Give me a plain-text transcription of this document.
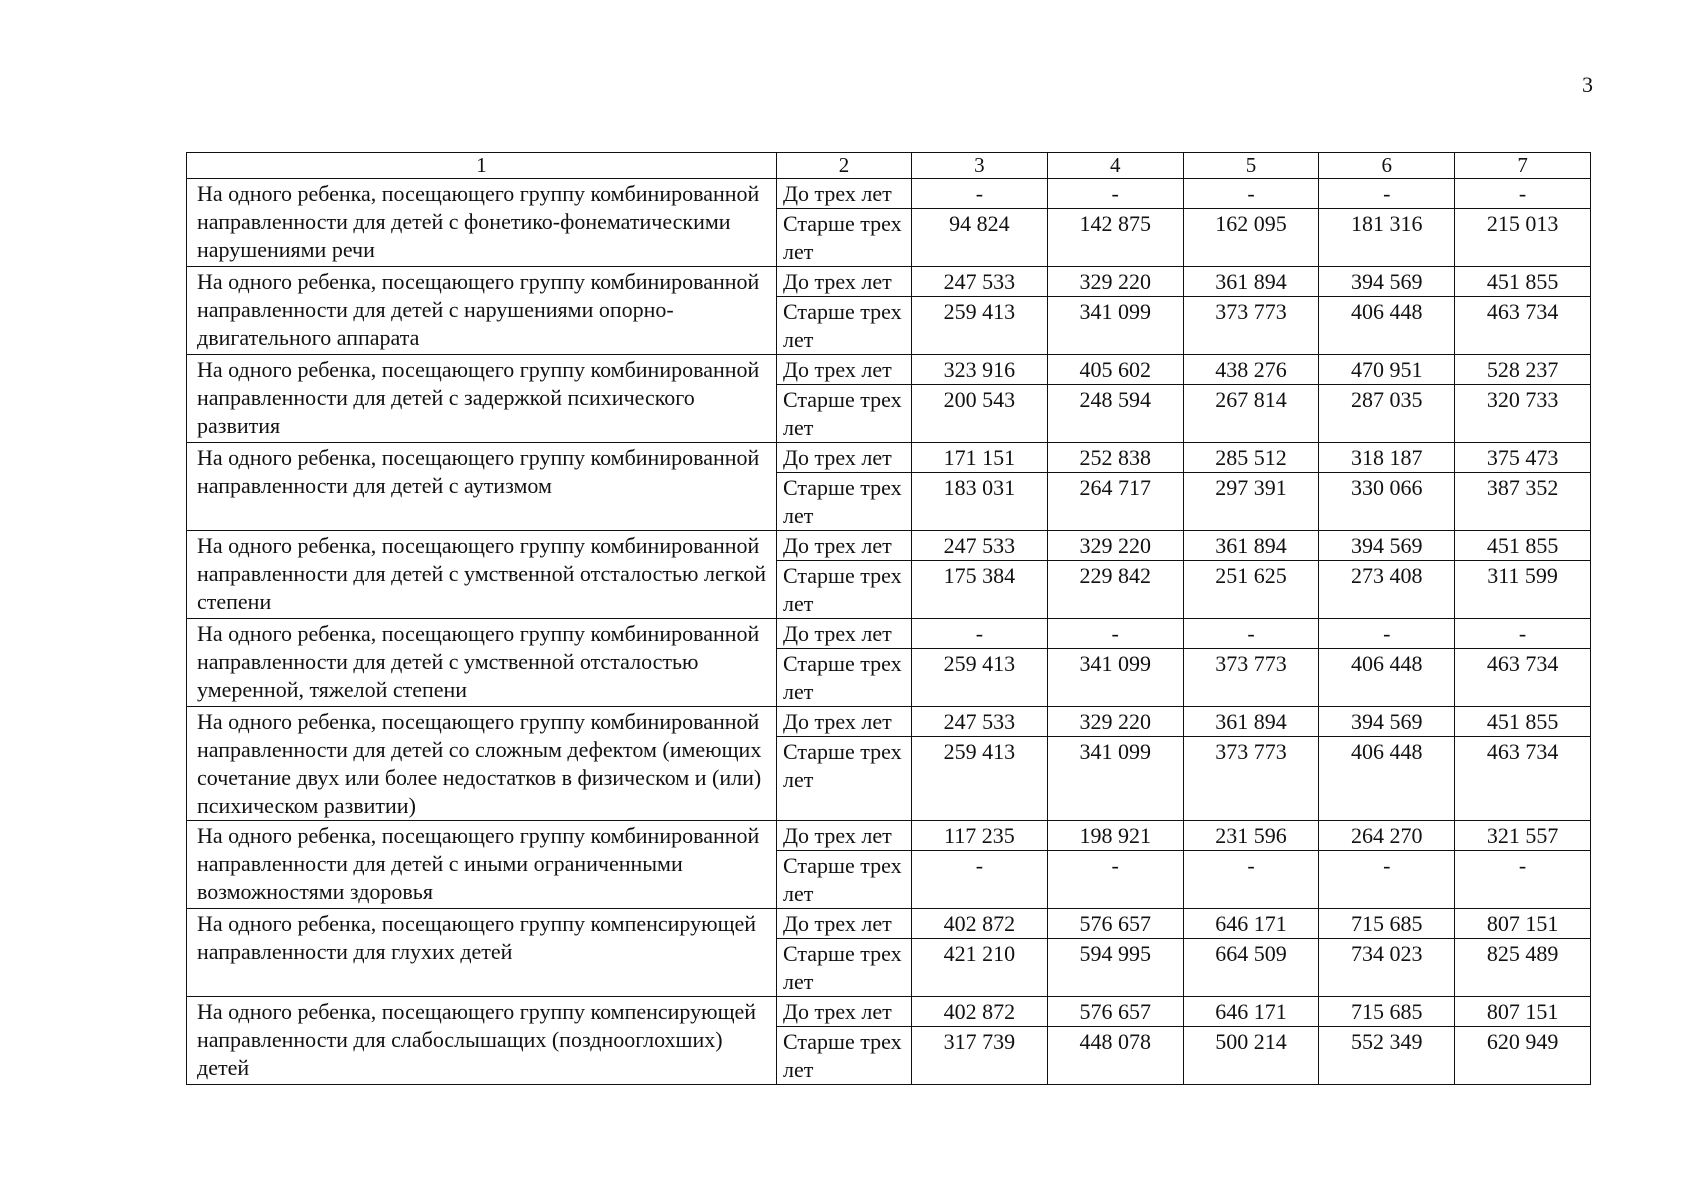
3
1	2	3	4	5	6	7
На одного ребенка, посещающего группу комбинированной направленности для детей с фонетико-фонематическими нарушениями речи	До трех лет	-	-	-	-	-
	Старше трех лет	94 824	142 875	162 095	181 316	215 013
На одного ребенка, посещающего группу комбинированной направленности для детей с нарушениями опорно-двигательного аппарата	До трех лет	247 533	329 220	361 894	394 569	451 855
	Старше трех лет	259 413	341 099	373 773	406 448	463 734
На одного ребенка, посещающего группу комбинированной направленности для детей с задержкой психического развития	До трех лет	323 916	405 602	438 276	470 951	528 237
	Старше трех лет	200 543	248 594	267 814	287 035	320 733
На одного ребенка, посещающего группу комбинированной направленности для детей с аутизмом	До трех лет	171 151	252 838	285 512	318 187	375 473
	Старше трех лет	183 031	264 717	297 391	330 066	387 352
На одного ребенка, посещающего группу комбинированной направленности для детей с умственной отсталостью легкой степени	До трех лет	247 533	329 220	361 894	394 569	451 855
	Старше трех лет	175 384	229 842	251 625	273 408	311 599
На одного ребенка, посещающего группу комбинированной направленности для детей с умственной отсталостью умеренной, тяжелой степени	До трех лет	-	-	-	-	-
	Старше трех лет	259 413	341 099	373 773	406 448	463 734
На одного ребенка, посещающего группу комбинированной направленности для детей со сложным дефектом (имеющих сочетание двух или более недостатков в физическом и (или) психическом развитии)	До трех лет	247 533	329 220	361 894	394 569	451 855
	Старше трех лет	259 413	341 099	373 773	406 448	463 734
На одного ребенка, посещающего группу комбинированной направленности для детей с иными ограниченными возможностями здоровья	До трех лет	117 235	198 921	231 596	264 270	321 557
	Старше трех лет	-	-	-	-	-
На одного ребенка, посещающего группу компенсирующей направленности для глухих детей	До трех лет	402 872	576 657	646 171	715 685	807 151
	Старше трех лет	421 210	594 995	664 509	734 023	825 489
На одного ребенка, посещающего группу компенсирующей направленности для слабослышащих (позднооглохших) детей	До трех лет	402 872	576 657	646 171	715 685	807 151
	Старше трех лет	317 739	448 078	500 214	552 349	620 949
